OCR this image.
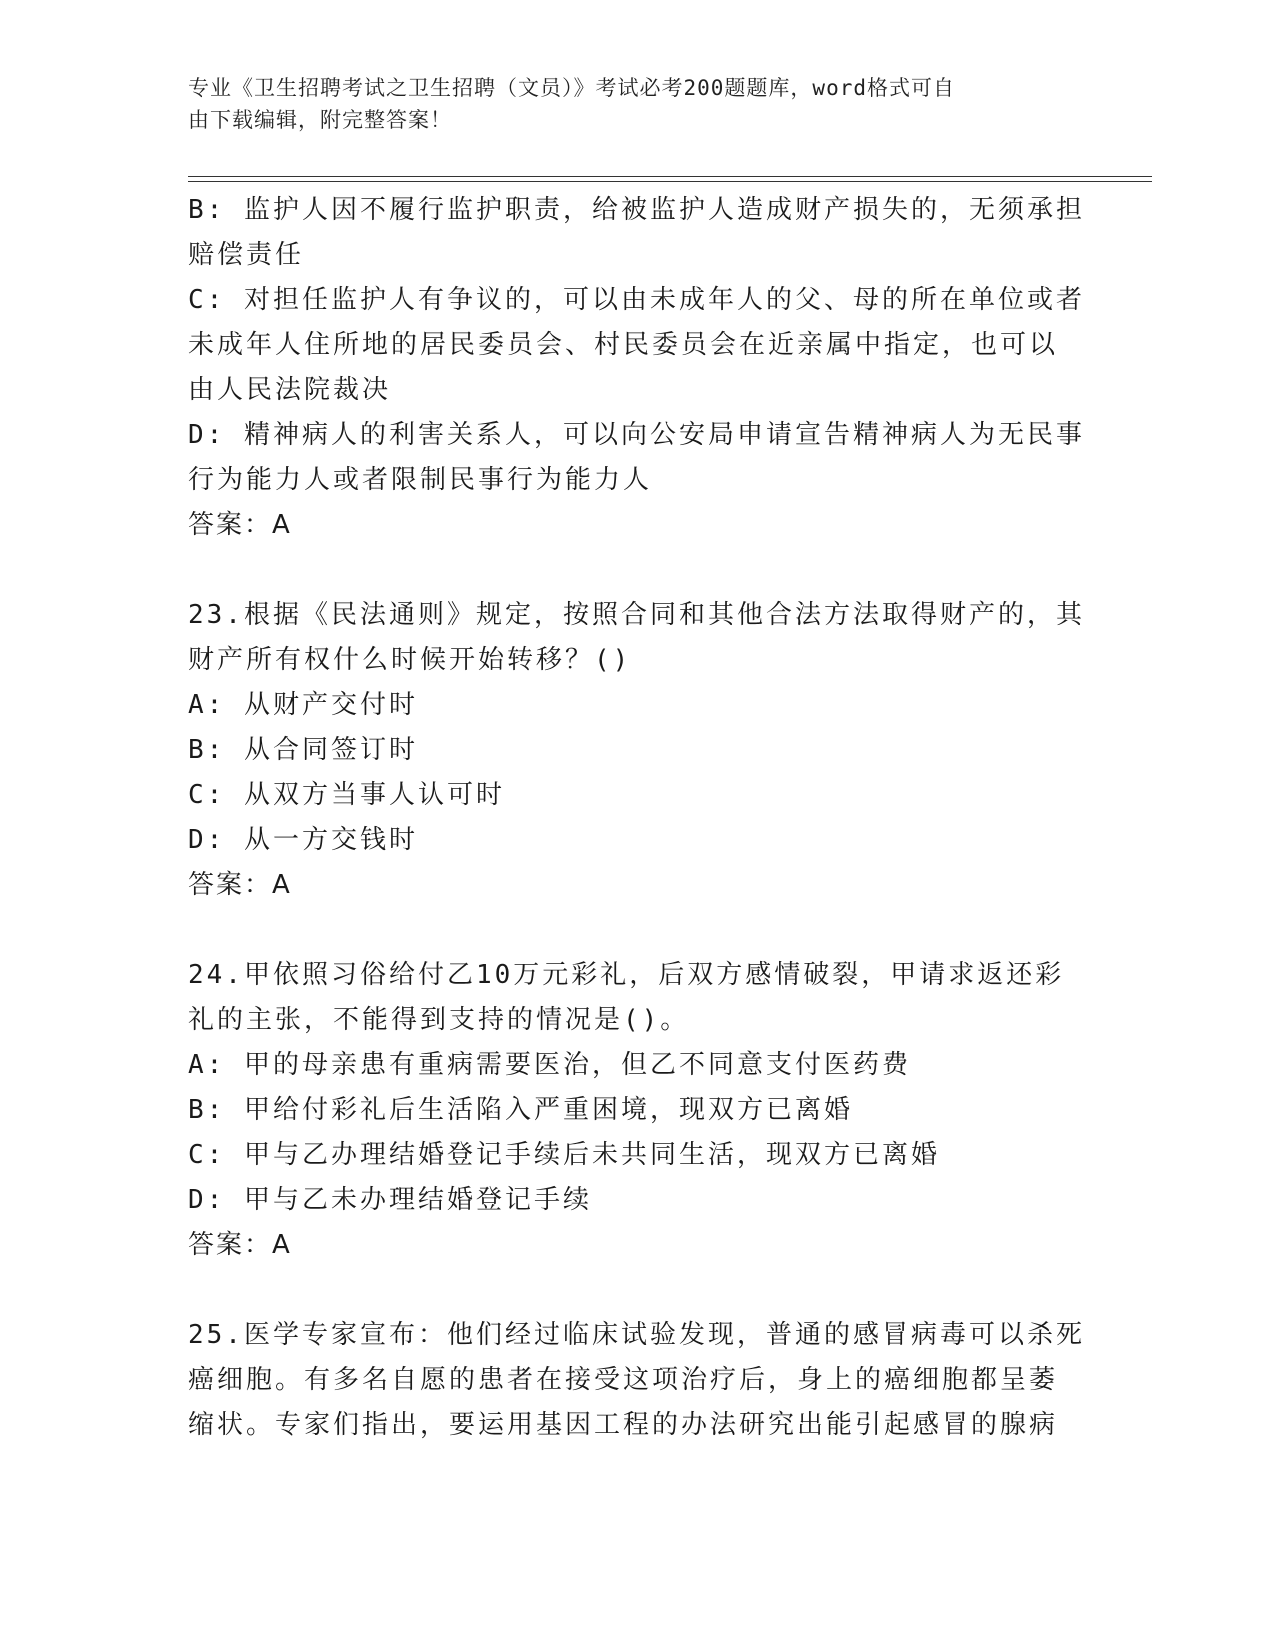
专业《卫生招聘考试之卫生招聘（文员）》考试必考200题题库，word格式可自
由下载编辑，附完整答案！
B: 监护人因不履行监护职责，给被监护人造成财产损失的，无须承担
赔偿责任
C: 对担任监护人有争议的，可以由未成年人的父、母的所在单位或者
未成年人住所地的居民委员会、村民委员会在近亲属中指定，也可以
由人民法院裁决
D: 精神病人的利害关系人，可以向公安局申请宣告精神病人为无民事
行为能力人或者限制民事行为能力人
答案：A
23.根据《民法通则》规定，按照合同和其他合法方法取得财产的，其
财产所有权什么时候开始转移？()
A: 从财产交付时
B: 从合同签订时
C: 从双方当事人认可时
D: 从一方交钱时
答案：A
24.甲依照习俗给付乙10万元彩礼，后双方感情破裂，甲请求返还彩
礼的主张，不能得到支持的情况是()。
A: 甲的母亲患有重病需要医治，但乙不同意支付医药费
B: 甲给付彩礼后生活陷入严重困境，现双方已离婚
C: 甲与乙办理结婚登记手续后未共同生活，现双方已离婚
D: 甲与乙未办理结婚登记手续
答案：A
25.医学专家宣布：他们经过临床试验发现，普通的感冒病毒可以杀死
癌细胞。有多名自愿的患者在接受这项治疗后，身上的癌细胞都呈萎
缩状。专家们指出，要运用基因工程的办法研究出能引起感冒的腺病
